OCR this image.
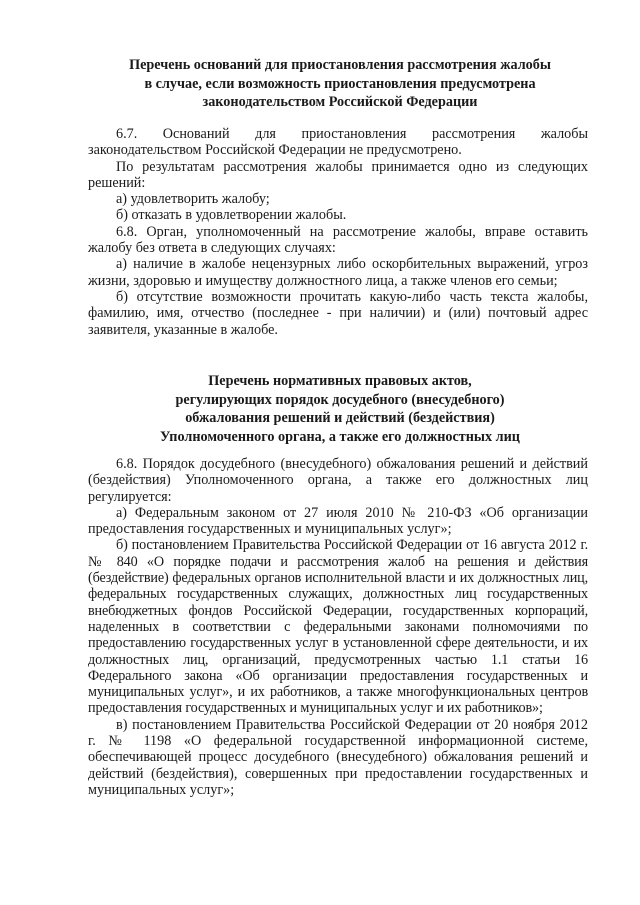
Перечень оснований для приостановления рассмотрения жалобы
в случае, если возможность приостановления предусмотрена
законодательством Российской Федерации

6.7. Оснований для приостановления рассмотрения жалобы законодательством Российской Федерации не предусмотрено.

По результатам рассмотрения жалобы принимается одно из следующих решений:

а) удовлетворить жалобу;

б) отказать в удовлетворении жалобы.

6.8. Орган, уполномоченный на рассмотрение жалобы, вправе оставить жалобу без ответа в следующих случаях:

а) наличие в жалобе нецензурных либо оскорбительных выражений, угроз жизни, здоровью и имуществу должностного лица, а также членов его семьи;

б) отсутствие возможности прочитать какую-либо часть текста жалобы, фамилию, имя, отчество (последнее - при наличии) и (или) почтовый адрес заявителя, указанные в жалобе.

Перечень нормативных правовых актов,
регулирующих порядок досудебного (внесудебного)
обжалования решений и действий (бездействия)
Уполномоченного органа, а также его должностных лиц

6.8. Порядок досудебного (внесудебного) обжалования решений и действий (бездействия) Уполномоченного органа, а также его должностных лиц регулируется:

а) Федеральным законом от 27 июля 2010 № 210-ФЗ «Об организации предоставления государственных и муниципальных услуг»;

б) постановлением Правительства Российской Федерации от 16 августа 2012 г. № 840 «О порядке подачи и рассмотрения жалоб на решения и действия (бездействие) федеральных органов исполнительной власти и их должностных лиц, федеральных государственных служащих, должностных лиц государственных внебюджетных фондов Российской Федерации, государственных корпораций, наделенных в соответствии с федеральными законами полномочиями по предоставлению государственных услуг в установленной сфере деятельности, и их должностных лиц, организаций, предусмотренных частью 1.1 статьи 16 Федерального закона «Об организации предоставления государственных и муниципальных услуг», и их работников, а также многофункциональных центров предоставления государственных и муниципальных услуг и их работников»;

в) постановлением Правительства Российской Федерации от 20 ноября 2012 г. № 1198 «О федеральной государственной информационной системе, обеспечивающей процесс досудебного (внесудебного) обжалования решений и действий (бездействия), совершенных при предоставлении государственных и муниципальных услуг»;
